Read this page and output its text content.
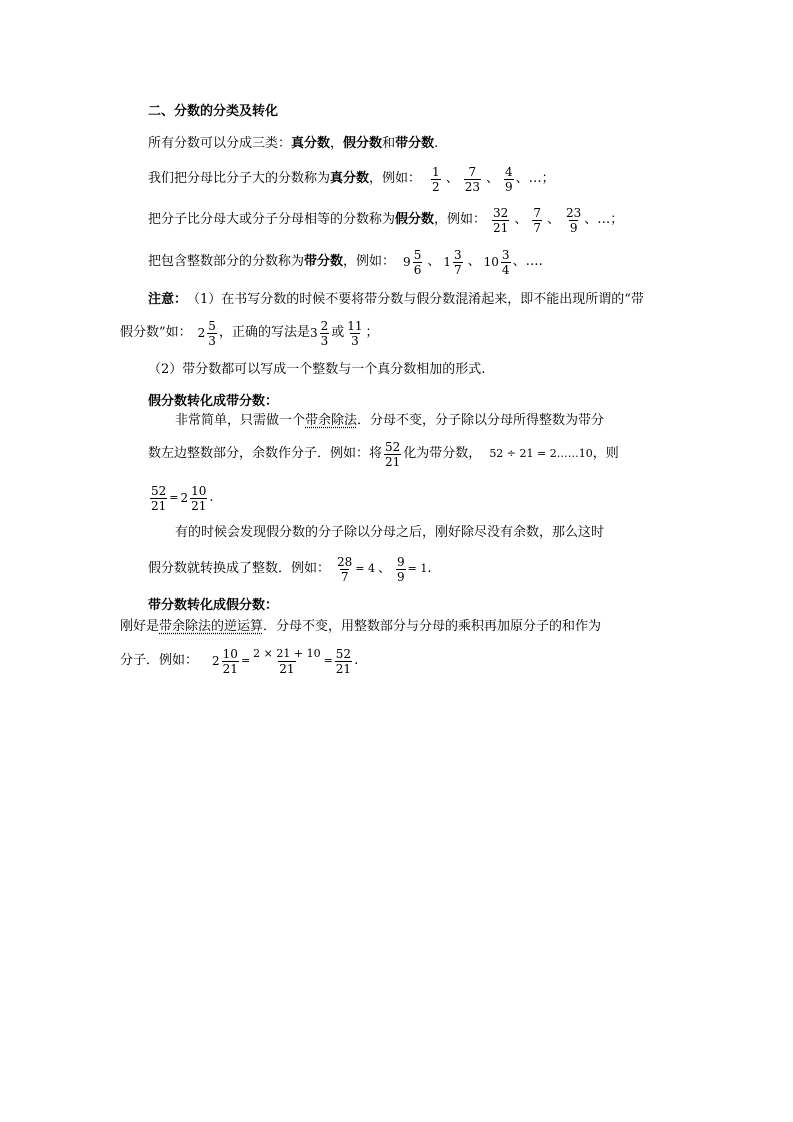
二、分数的分类及转化
所有分数可以分成三类： 真分数 ， 假分数 和 带分数 .
我们把分母比分子大的分数称为 真分数 ，例如： $\frac{1}{2}$ 、 $\frac{7}{23}$ 、 $\frac{4}{9}$ 、…；
把分子比分母大或分子分母相等的分数称为 假分数 ，例如： $\frac{32}{21}$ 、 $\frac{7}{7}$ 、 $\frac{23}{9}$ 、…；
把包含整数部分的分数称为 带分数 ，例如： $9 \frac{5}{6}$ 、 $1 \frac{3}{7}$ 、 $10 \frac{3}{4}$ 、….
注意： （1）在书写分数的时候不要将带分数与假分数混淆起来，即不能出现所谓的“带
假分数”如： $2 \frac{5}{3}$ ，正确的写法是 $3 \frac{2}{3}$ 或 $\frac{11}{3}$ ；
（2）带分数都可以写成一个整数与一个真分数相加的形式.
假分数转化成带分数：
非常简单，只需做一个 带余除法 ．分母不变，分子除以分母所得整数为带分
数左边整数部分，余数作分子．例如：将 $\frac{52}{21}$ 化为带分数， 52 ÷ 21 = 2……10 ，则
$\frac{52}{21} = 2 \frac{10}{21}$ .
有的时候会发现假分数的分子除以分母之后，刚好除尽没有余数，那么这时
假分数就转换成了整数．例如： $\frac{28}{7} = 4$ 、 $\frac{9}{9} = 1$ .
带分数转化成假分数：
刚好是 带余除法的逆运算 ．分母不变，用整数部分与分母的乘积再加原分子的和作为
分子．例如： $2 \frac{10}{21} = \frac{2 \times 21 + 10}{21} = \frac{52}{21}$ .
